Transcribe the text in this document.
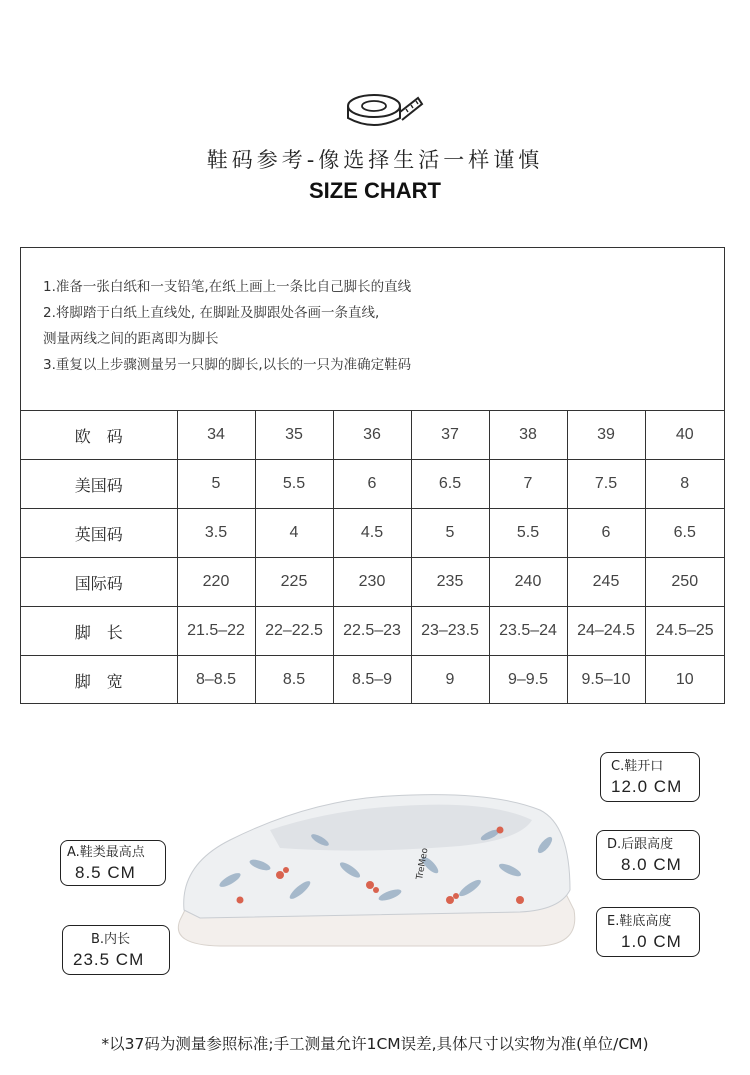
鞋码参考-像选择生活一样谨慎
SIZE CHART
1.准备一张白纸和一支铅笔,在纸上画上一条比自己脚长的直线
2.将脚踏于白纸上直线处, 在脚趾及脚跟处各画一条直线,
测量两线之间的距离即为脚长
3.重复以上步骤测量另一只脚的脚长,以长的一只为准确定鞋码
欧　码	34	35	36	37	38	39	40
美国码	5	5.5	6	6.5	7	7.5	8
英国码	3.5	4	4.5	5	5.5	6	6.5
国际码	220	225	230	235	240	245	250
脚　长	21.5–22	22–22.5	22.5–23	23–23.5	23.5–24	24–24.5	24.5–25
脚　宽	8–8.5	8.5	8.5–9	9	9–9.5	9.5–10	10
TreMeo
A.鞋类最高点
8.5 CM
B.内长
23.5 CM
C.鞋开口
12.0 CM
D.后跟高度
8.0 CM
E.鞋底高度
1.0 CM
*以37码为测量参照标准;手工测量允许1CM误差,具体尺寸以实物为准(单位/CM)
